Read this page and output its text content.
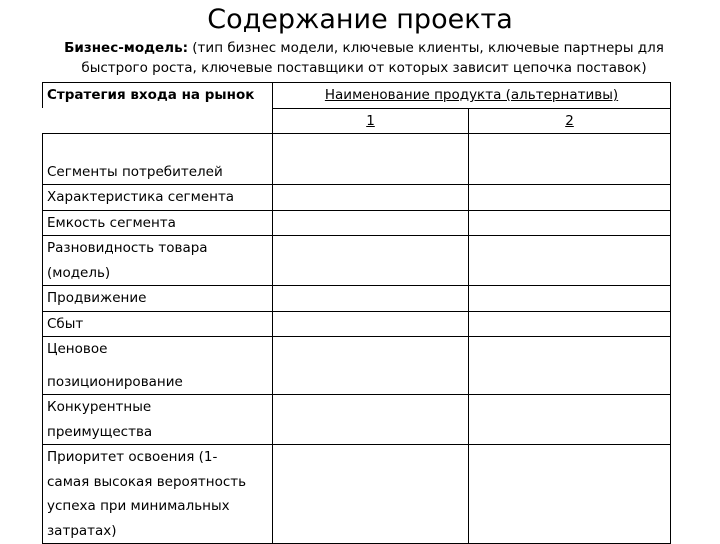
Содержание проекта
Бизнес-модель: (тип бизнес модели, ключевые клиенты, ключевые партнеры для быстрого роста, ключевые поставщики от которых зависит цепочка поставок)
Стратегия входа на рынок	Наименование продукта (альтернативы)	
	1	2
Сегменты потребителей		
Характеристика сегмента		
Емкость сегмента		

Разновидность товара
(модель)		

Продвижение		
Сбыт		

Ценовое
позиционирование		

Конкурентные
преимущества		

Приоритет освоения (1-
самая высокая вероятность
успеха при минимальных
затратах)		
